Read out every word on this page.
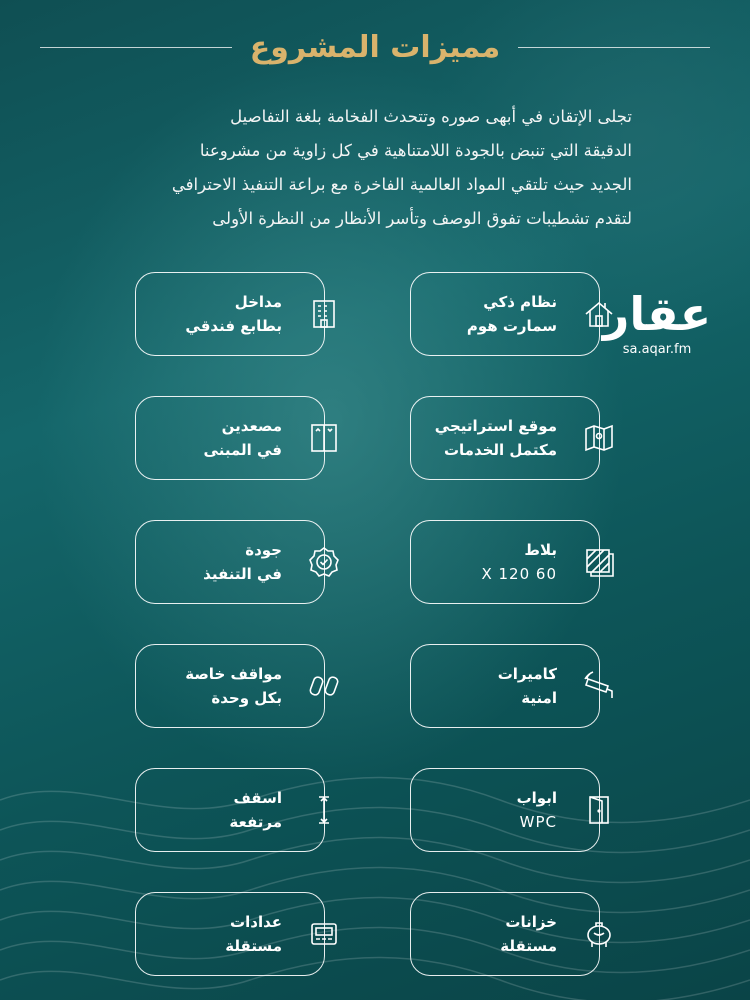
مميزات المشروع
تجلى الإتقان في أبهى صوره وتتحدث الفخامة بلغة التفاصيل
الدقيقة التي تنبض بالجودة اللامتناهية في كل زاوية من مشروعنا
الجديد حيث تلتقي المواد العالمية الفاخرة مع براعة التنفيذ الاحترافي
لتقدم تشطيبات تفوق الوصف وتأسر الأنظار من النظرة الأولى
عقار
sa.aqar.fm
نظام ذكي
سمارت هوم
مداخل
بطابع فندقي
موقع استراتيجي
مكتمل الخدمات
مصعدين
في المبنى
بلاط
60 X 120
جودة
في التنفيذ
كاميرات
امنية
مواقف خاصة
بكل وحدة
ابواب
WPC
اسقف
مرتفعة
خزانات
مستقلة
عدادات
مستقلة
